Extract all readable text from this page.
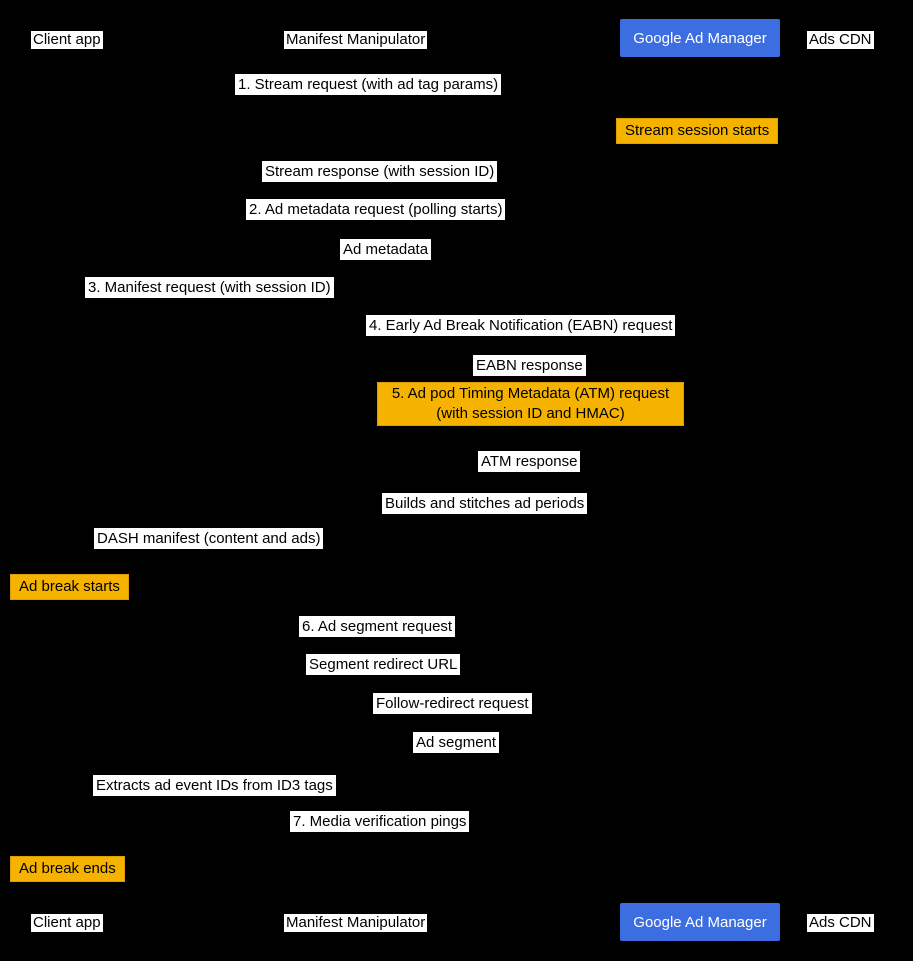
Client app	Manifest Manipulator	Google Ad Manager	Ads CDN
1. Stream request (with ad tag params)
Stream session starts
Stream response (with session ID)
2. Ad metadata request (polling starts)
Ad metadata
3. Manifest request (with session ID)
4. Early Ad Break Notification (EABN) request
EABN response
5. Ad pod Timing Metadata (ATM) request
(with session ID and HMAC)
ATM response
Builds and stitches ad periods
DASH manifest (content and ads)
Ad break starts
6. Ad segment request
Segment redirect URL
Follow-redirect request
Ad segment
Extracts ad event IDs from ID3 tags
7. Media verification pings
Ad break ends
Client app	Manifest Manipulator	Google Ad Manager	Ads CDN
